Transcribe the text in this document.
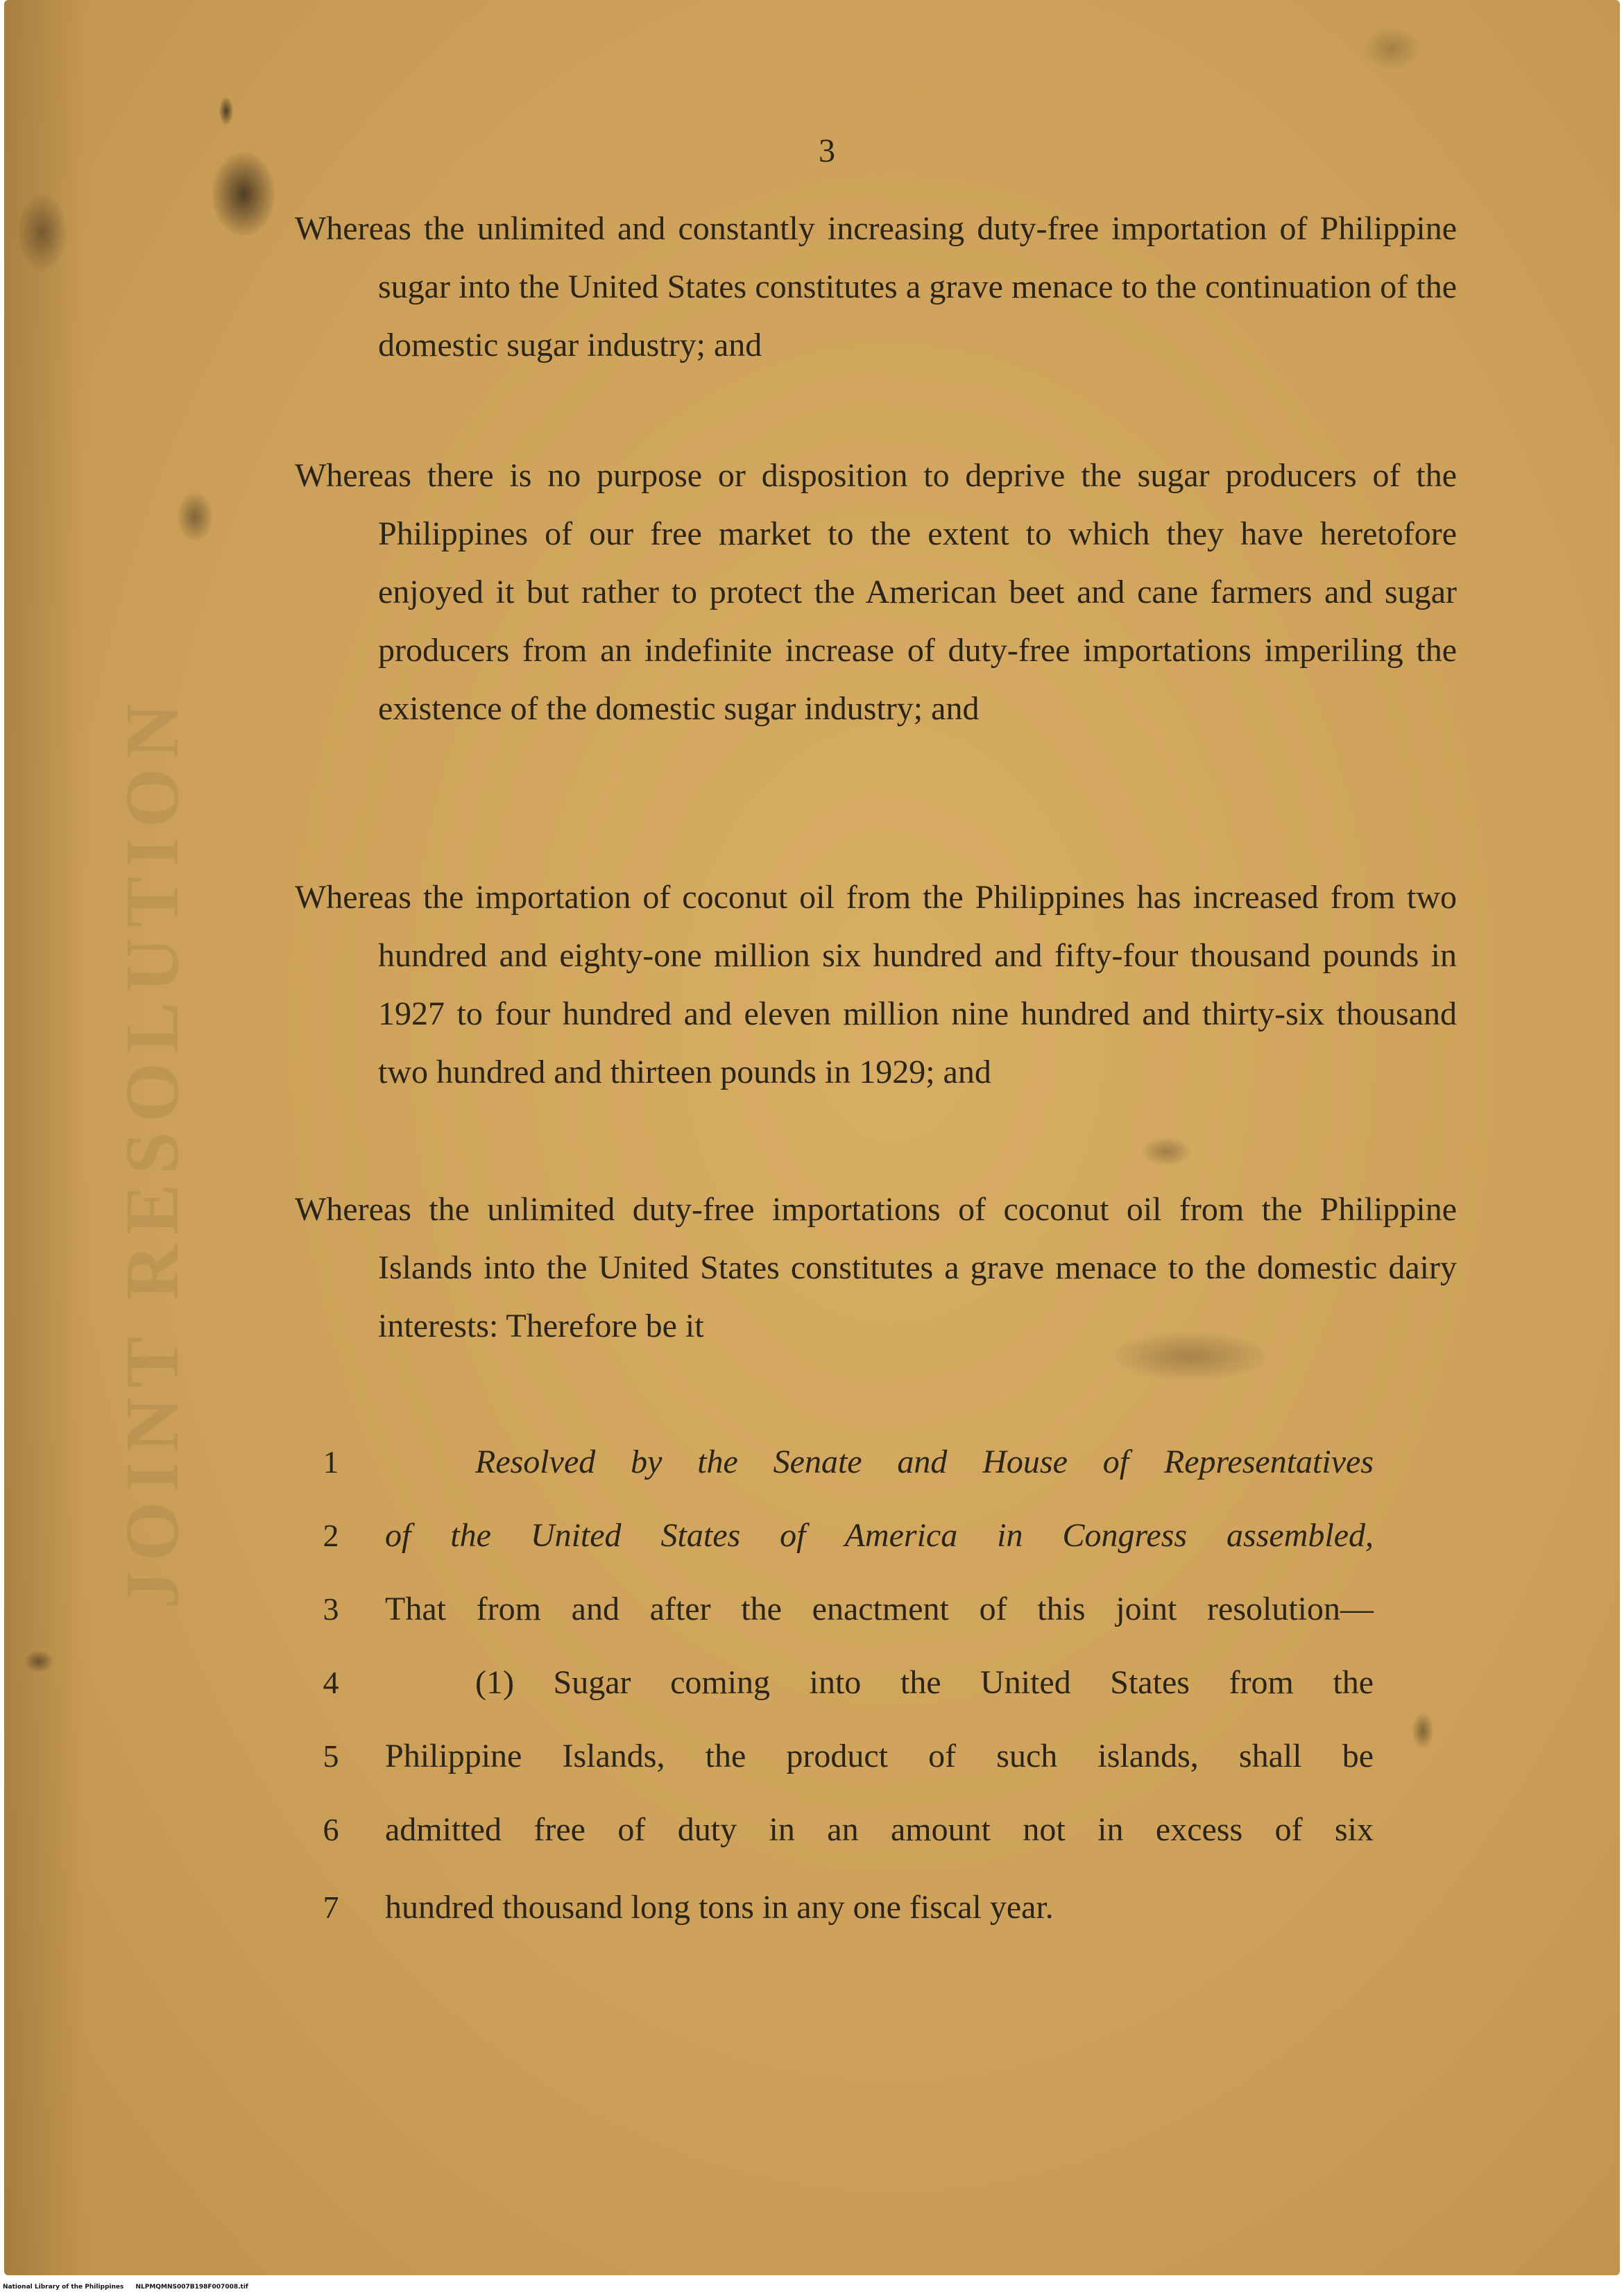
JOINT RESOLUTION
3
Whereas the unlimited and constantly increasing duty-free importation of Philippine sugar into the United States constitutes a grave menace to the continuation of the domestic sugar industry; and
Whereas there is no purpose or disposition to deprive the sugar producers of the Philippines of our free market to the extent to which they have heretofore enjoyed it but rather to protect the American beet and cane farmers and sugar producers from an indefinite increase of duty-free importations imperiling the existence of the domestic sugar industry; and
Whereas the importation of coconut oil from the Philippines has increased from two hundred and eighty-one million six hundred and fifty-four thousand pounds in 1927 to four hundred and eleven million nine hundred and thirty-six thousand two hundred and thirteen pounds in 1929; and
Whereas the unlimited duty-free importations of coconut oil from the Philippine Islands into the United States constitutes a grave menace to the domestic dairy interests: Therefore be it
1	Resolved by the Senate and House of Representatives
2 of the United States of America in Congress assembled,
3 That from and after the enactment of this joint resolution—
4	(1) Sugar coming into the United States from the
5 Philippine Islands, the product of such islands, shall be
6 admitted free of duty in an amount not in excess of six
7 hundred thousand long tons in any one fiscal year.
National Library of the Philippines NLPMQMNS007B198F007008.tif
